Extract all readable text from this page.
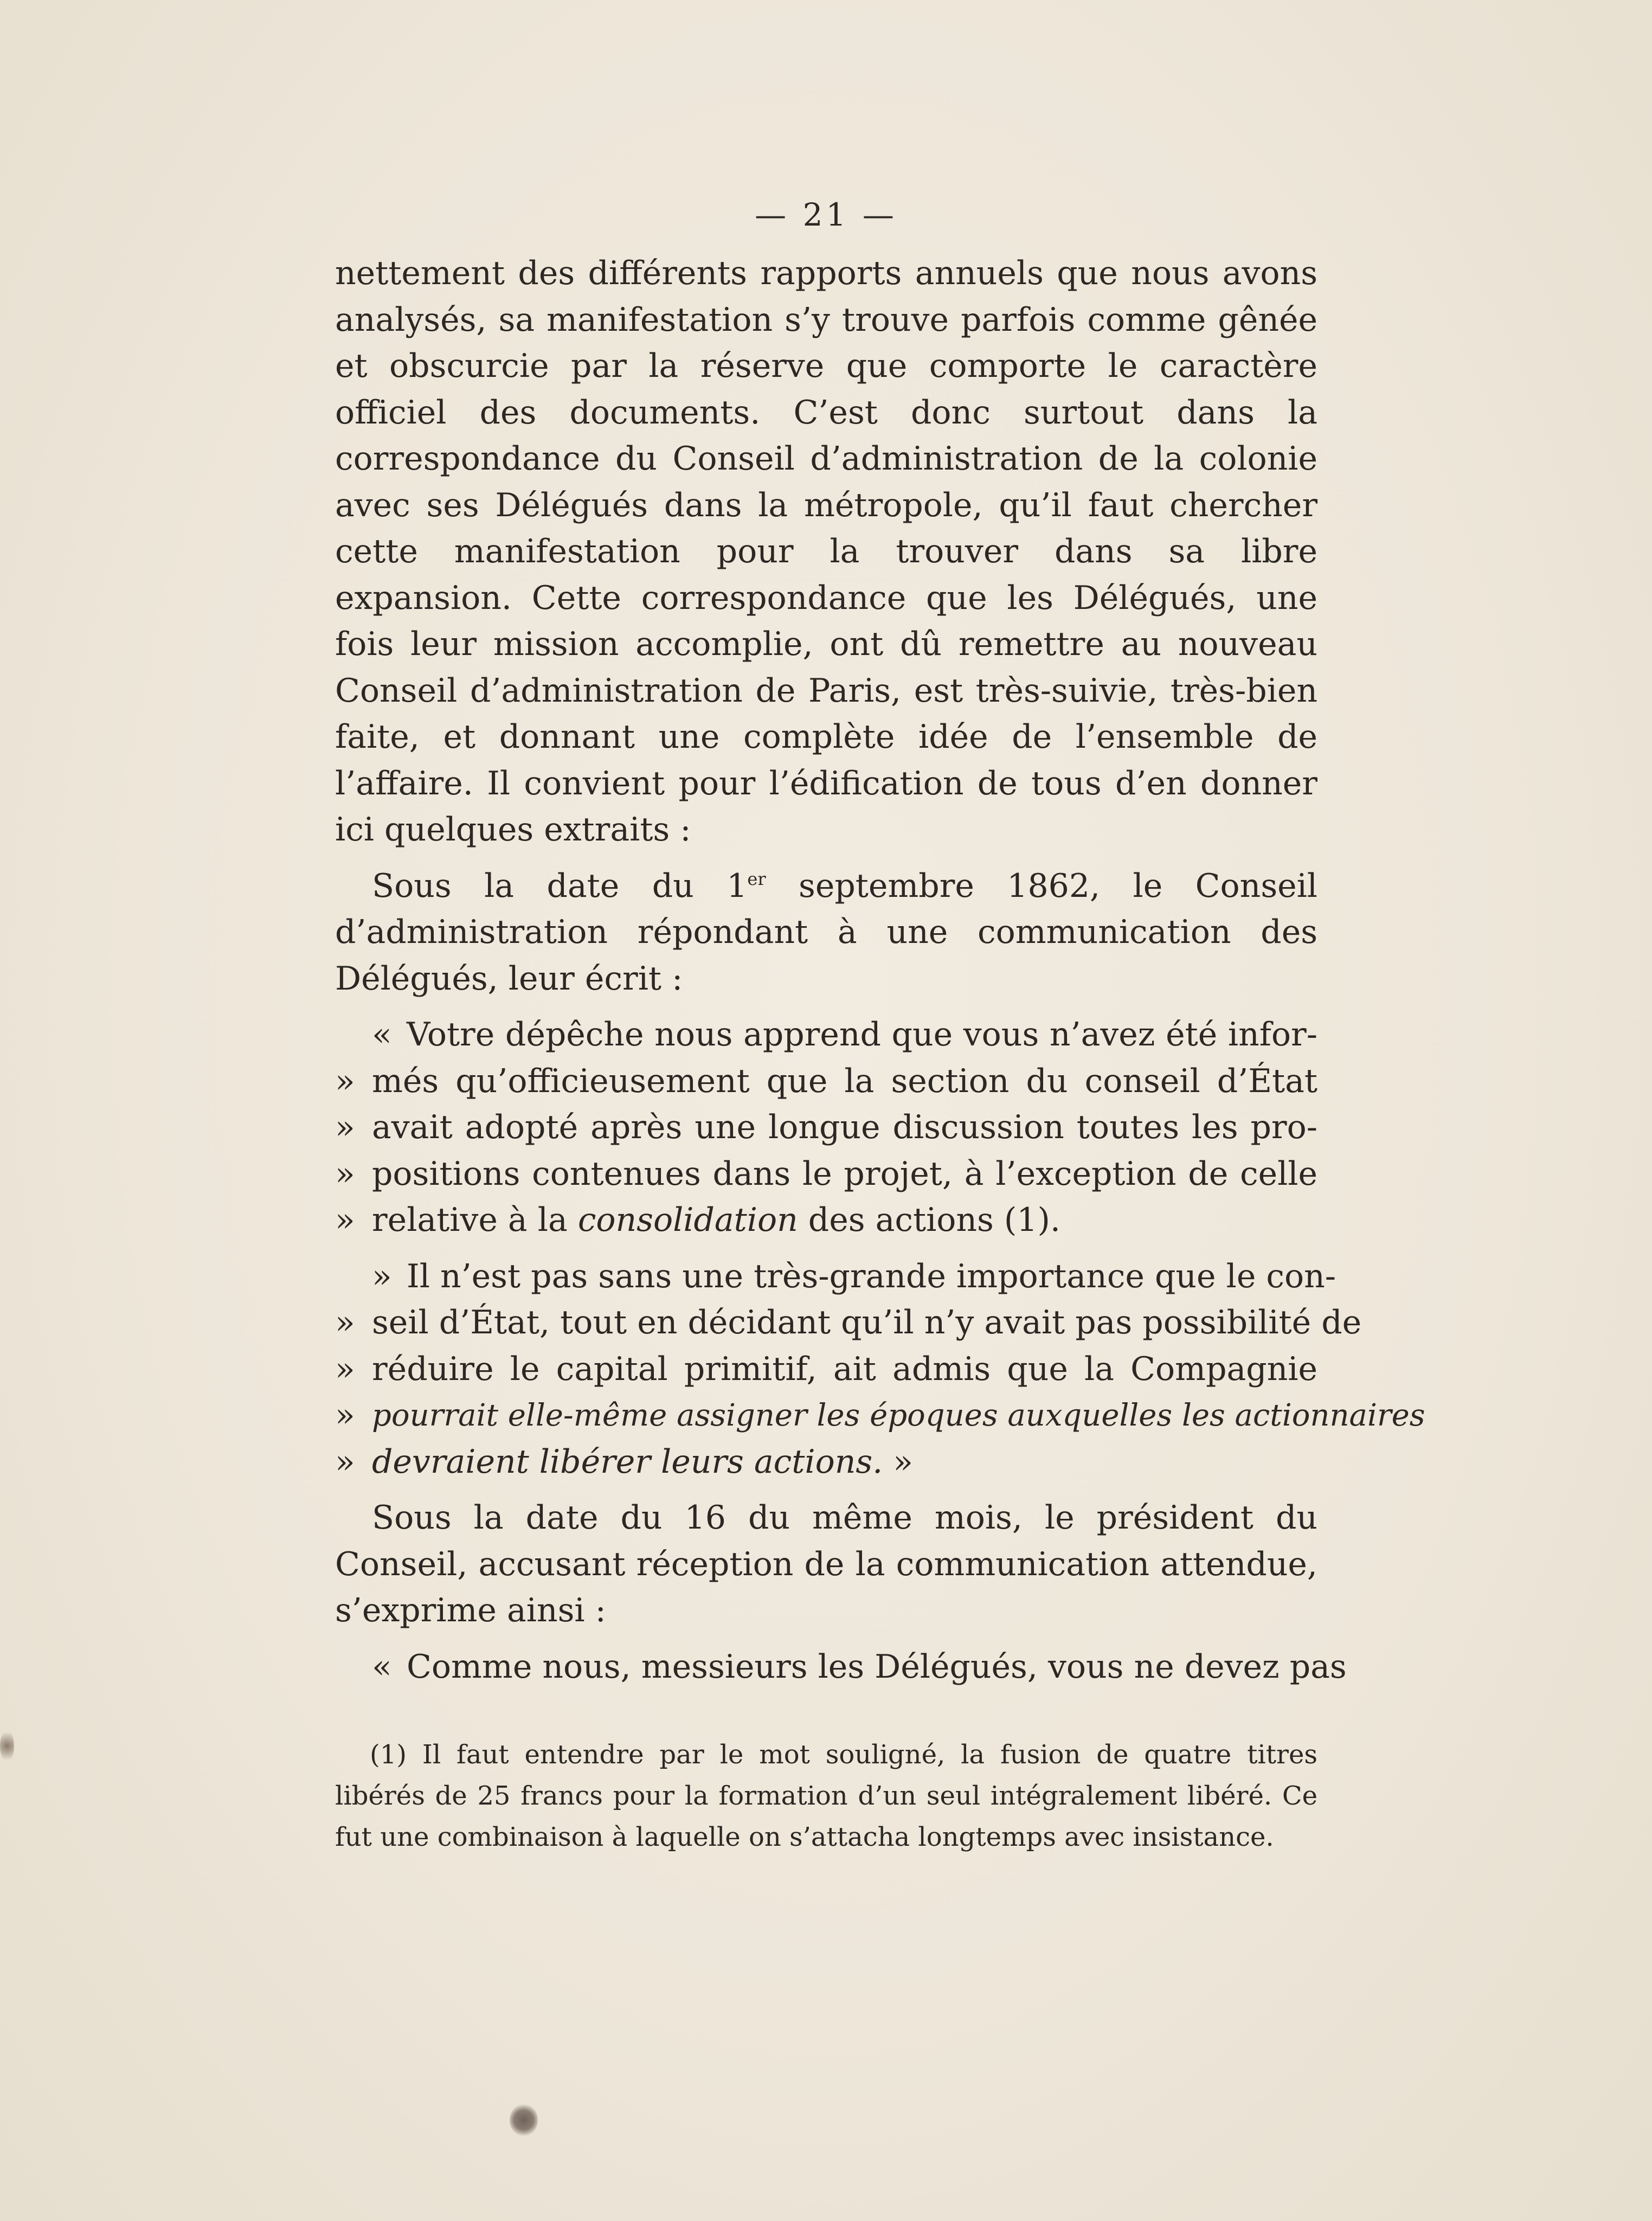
— 21 —

nettement des différents rapports annuels que nous avons analysés, sa manifestation s’y trouve parfois comme gênée et obscurcie par la réserve que comporte le caractère officiel des documents. C’est donc surtout dans la correspondance du Conseil d’administration de la colonie avec ses Délégués dans la métropole, qu’il faut chercher cette manifestation pour la trouver dans sa libre expansion. Cette correspondance que les Délégués, une fois leur mission accomplie, ont dû remettre au nouveau Conseil d’administration de Paris, est très-suivie, très-bien faite, et donnant une complète idée de l’ensemble de l’affaire. Il convient pour l’édification de tous d’en donner ici quelques extraits :

Sous la date du 1er septembre 1862, le Conseil d’administration répondant à une communication des Délégués, leur écrit :

« Votre dépêche nous apprend que vous n’avez été infor-
» més qu’officieusement que la section du conseil d’État
» avait adopté après une longue discussion toutes les pro-
» positions contenues dans le projet, à l’exception de celle
» relative à la consolidation des actions (1).
» Il n’est pas sans une très-grande importance que le con-
» seil d’État, tout en décidant qu’il n’y avait pas possibilité de
» réduire le capital primitif, ait admis que la Compagnie
» pourrait elle-même assigner les époques auxquelles les actionnaires
» devraient libérer leurs actions. »

Sous la date du 16 du même mois, le président du Conseil, accusant réception de la communication attendue, s’exprime ainsi :

« Comme nous, messieurs les Délégués, vous ne devez pas

(1) Il faut entendre par le mot souligné, la fusion de quatre titres libérés de 25 francs pour la formation d’un seul intégralement libéré. Ce fut une combinaison à laquelle on s’attacha longtemps avec insistance.
